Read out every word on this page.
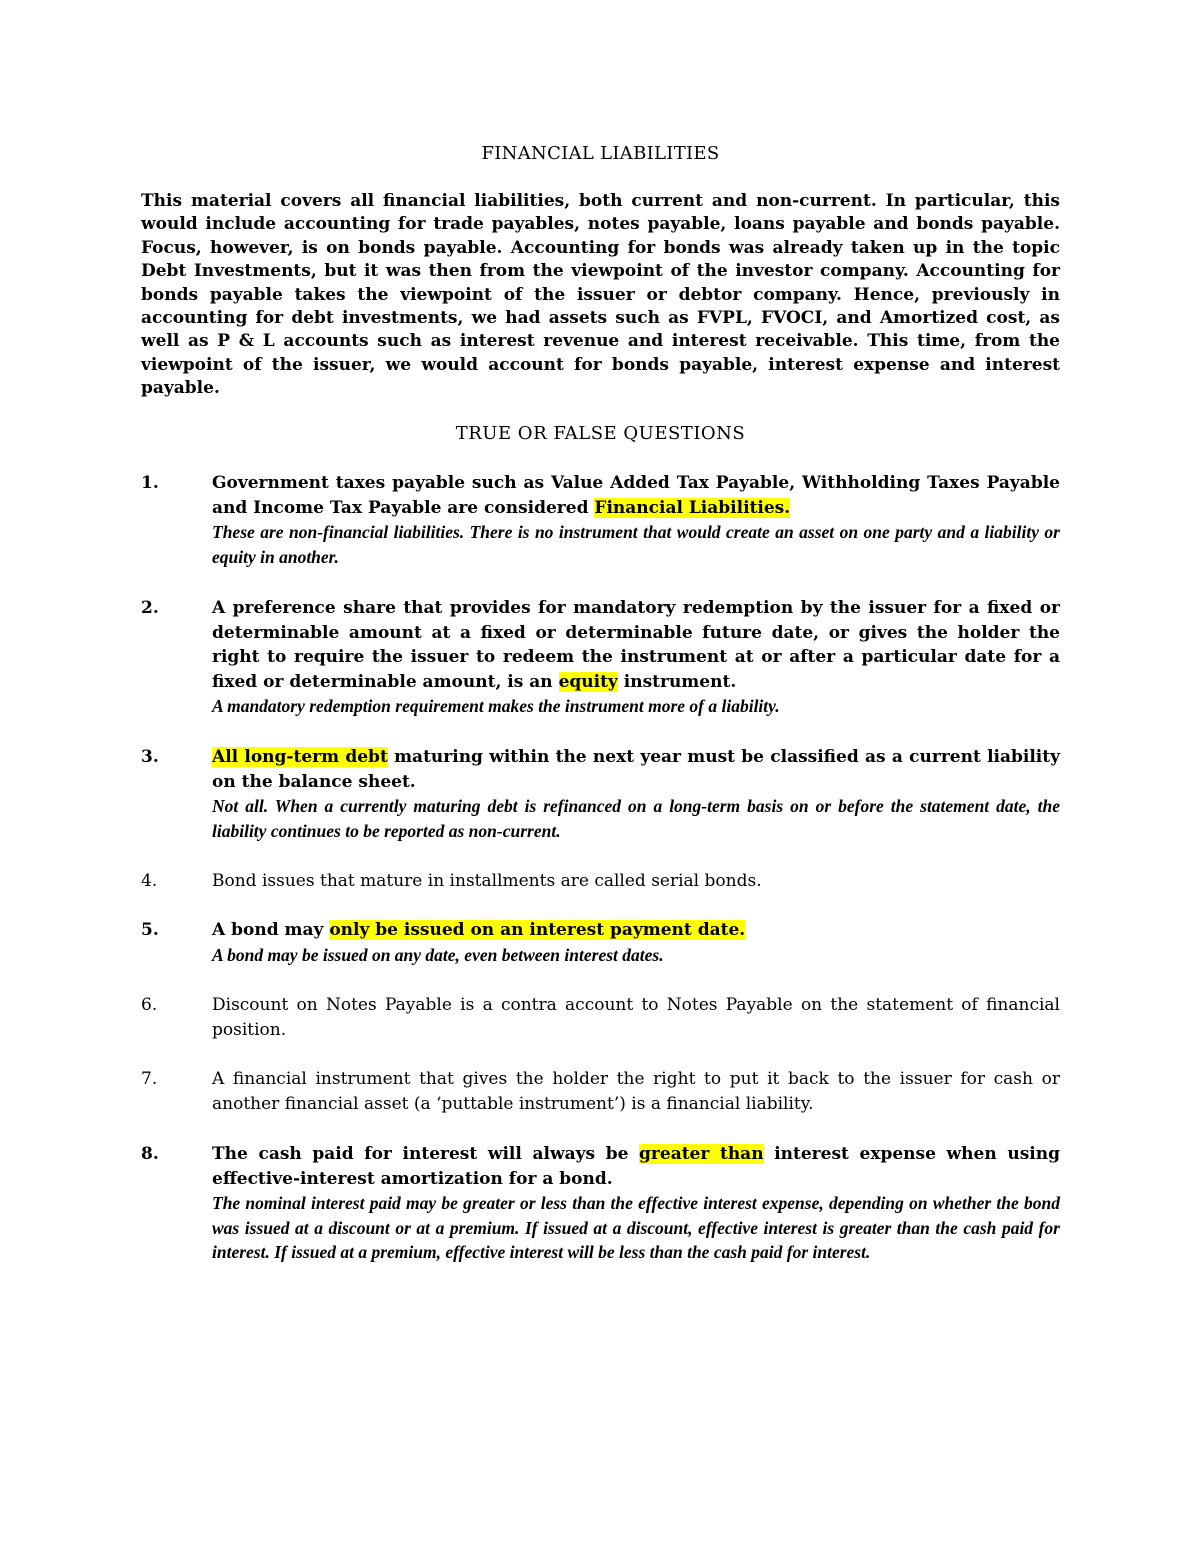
FINANCIAL LIABILITIES
This material covers all financial liabilities, both current and non-current. In particular, this would include accounting for trade payables, notes payable, loans payable and bonds payable. Focus, however, is on bonds payable. Accounting for bonds was already taken up in the topic Debt Investments, but it was then from the viewpoint of the investor company. Accounting for bonds payable takes the viewpoint of the issuer or debtor company. Hence, previously in accounting for debt investments, we had assets such as FVPL, FVOCI, and Amortized cost, as well as P & L accounts such as interest revenue and interest receivable. This time, from the viewpoint of the issuer, we would account for bonds payable, interest expense and interest payable.
TRUE OR FALSE QUESTIONS
1.	Government taxes payable such as Value Added Tax Payable, Withholding Taxes Payable and Income Tax Payable are considered Financial Liabilities.
These are non-financial liabilities. There is no instrument that would create an asset on one party and a liability or equity in another.
2.	A preference share that provides for mandatory redemption by the issuer for a fixed or determinable amount at a fixed or determinable future date, or gives the holder the right to require the issuer to redeem the instrument at or after a particular date for a fixed or determinable amount, is an equity instrument.
A mandatory redemption requirement makes the instrument more of a liability.
3.	All long-term debt maturing within the next year must be classified as a current liability on the balance sheet.
Not all. When a currently maturing debt is refinanced on a long-term basis on or before the statement date, the liability continues to be reported as non-current.
4.	Bond issues that mature in installments are called serial bonds.
5.	A bond may only be issued on an interest payment date.
A bond may be issued on any date, even between interest dates.
6.	Discount on Notes Payable is a contra account to Notes Payable on the statement of financial position.
7.	A financial instrument that gives the holder the right to put it back to the issuer for cash or another financial asset (a ‘puttable instrument’) is a financial liability.
8.	The cash paid for interest will always be greater than interest expense when using effective-interest amortization for a bond.
The nominal interest paid may be greater or less than the effective interest expense, depending on whether the bond was issued at a discount or at a premium. If issued at a discount, effective interest is greater than the cash paid for interest. If issued at a premium, effective interest will be less than the cash paid for interest.
